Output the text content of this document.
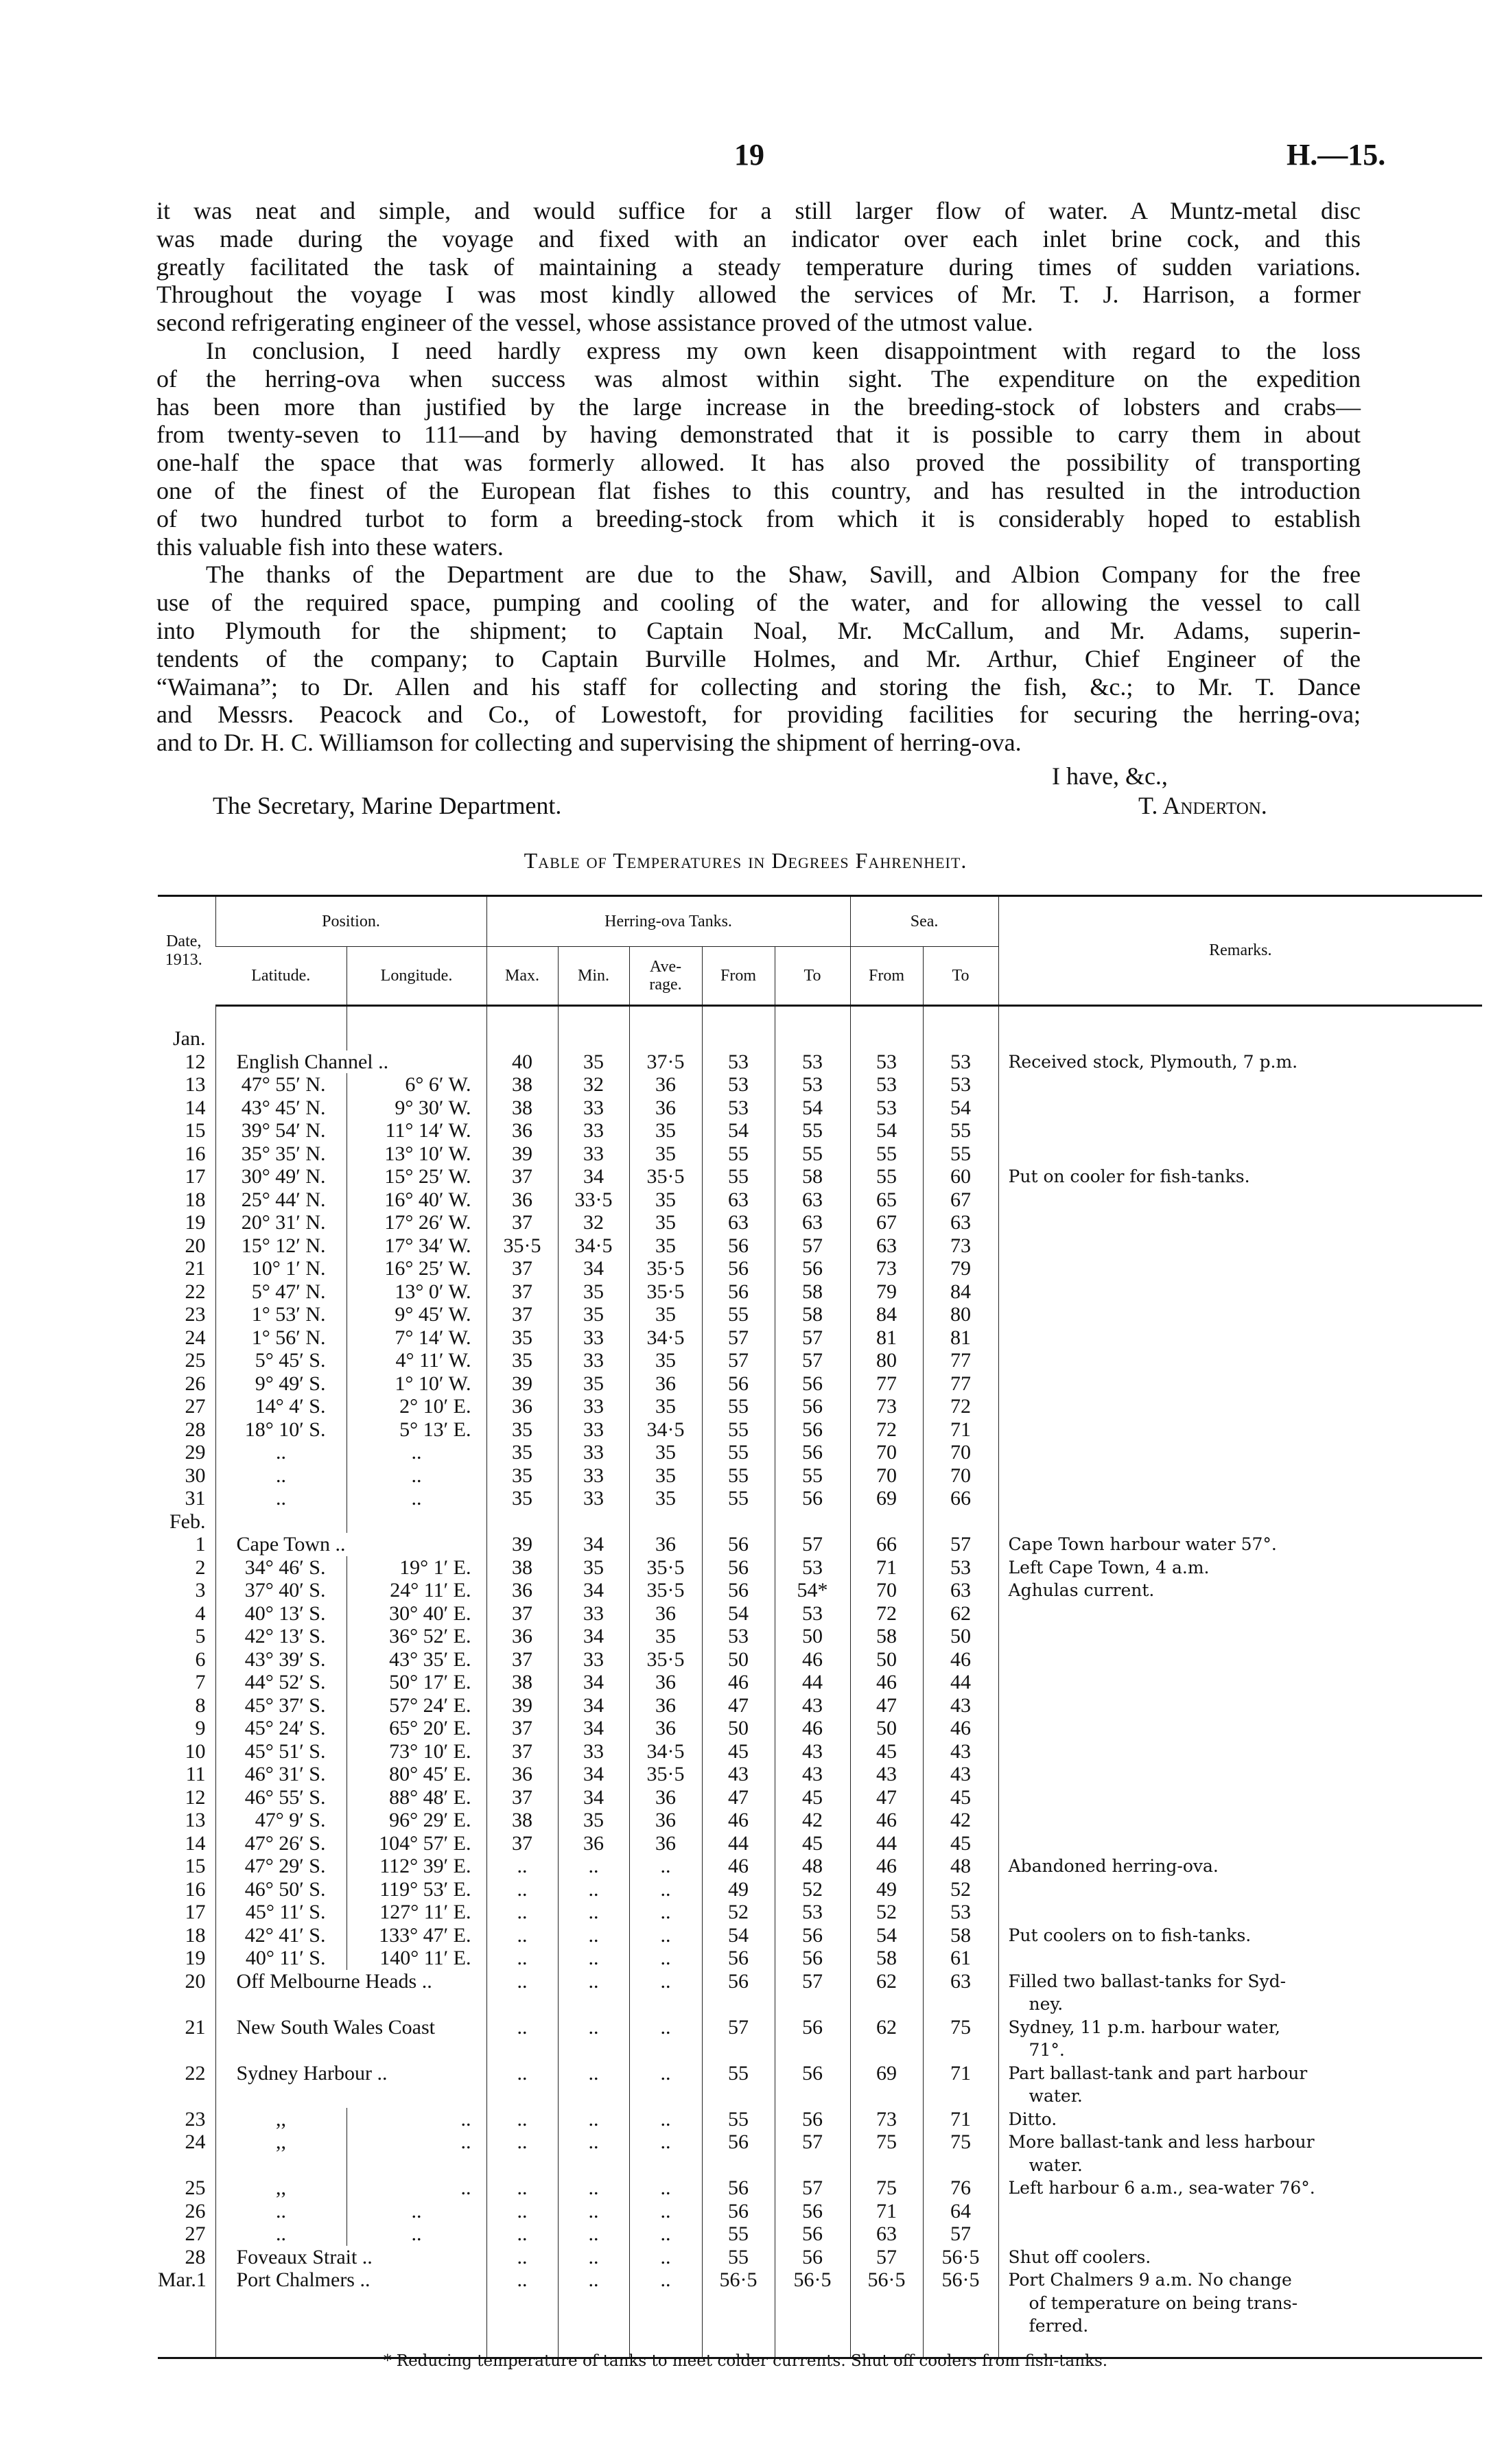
19	H.—15.
it was neat and simple, and would suffice for a still larger flow of water. A Muntz-metal disc
was made during the voyage and fixed with an indicator over each inlet brine cock, and this
greatly facilitated the task of maintaining a steady temperature during times of sudden variations.
Throughout the voyage I was most kindly allowed the services of Mr. T. J. Harrison, a former
second refrigerating engineer of the vessel, whose assistance proved of the utmost value.
In conclusion, I need hardly express my own keen disappointment with regard to the loss
of the herring-ova when success was almost within sight. The expenditure on the expedition
has been more than justified by the large increase in the breeding-stock of lobsters and crabs—
from twenty-seven to 111—and by having demonstrated that it is possible to carry them in about
one-half the space that was formerly allowed. It has also proved the possibility of transporting
one of the finest of the European flat fishes to this country, and has resulted in the introduction
of two hundred turbot to form a breeding-stock from which it is considerably hoped to establish
this valuable fish into these waters.
The thanks of the Department are due to the Shaw, Savill, and Albion Company for the free
use of the required space, pumping and cooling of the water, and for allowing the vessel to call
into Plymouth for the shipment; to Captain Noal, Mr. McCallum, and Mr. Adams, superin-
tendents of the company; to Captain Burville Holmes, and Mr. Arthur, Chief Engineer of the
“Waimana”; to Dr. Allen and his staff for collecting and storing the fish, &c.; to Mr. T. Dance
and Messrs. Peacock and Co., of Lowestoft, for providing facilities for securing the herring-ova;
and to Dr. H. C. Williamson for collecting and supervising the shipment of herring-ova.
I have, &c.,
The Secretary, Marine Department.	T. Anderton.
Table of Temperatures in Degrees Fahrenheit.
Date, 1913.	Position.		Herring-ova Tanks.					Sea.		Remarks.
	Latitude.	Longitude.	Max.	Min.	Ave-rage.	From	To	From	To	

Jan.										
12	English Channel ..		40	35	37·5	53	53	53	53	Received stock, Plymouth, 7 p.m.

13	47° 55′ N.	6° 6′ W.	38	32	36	53	53	53	53	
14	43° 45′ N.	9° 30′ W.	38	33	36	53	54	53	54	
15	39° 54′ N.	11° 14′ W.	36	33	35	54	55	54	55	
16	35° 35′ N.	13° 10′ W.	39	33	35	55	55	55	55	
17	30° 49′ N.	15° 25′ W.	37	34	35·5	55	58	55	60	Put on cooler for fish-tanks.

18	25° 44′ N.	16° 40′ W.	36	33·5	35	63	63	65	67	
19	20° 31′ N.	17° 26′ W.	37	32	35	63	63	67	63	
20	15° 12′ N.	17° 34′ W.	35·5	34·5	35	56	57	63	73	
21	10° 1′ N.	16° 25′ W.	37	34	35·5	56	56	73	79	
22	5° 47′ N.	13° 0′ W.	37	35	35·5	56	58	79	84	
23	1° 53′ N.	9° 45′ W.	37	35	35	55	58	84	80	
24	1° 56′ N.	7° 14′ W.	35	33	34·5	57	57	81	81	
25	5° 45′ S.	4° 11′ W.	35	33	35	57	57	80	77	
26	9° 49′ S.	1° 10′ W.	39	35	36	56	56	77	77	
27	14° 4′ S.	2° 10′ E.	36	33	35	55	56	73	72	
28	18° 10′ S.	5° 13′ E.	35	33	34·5	55	56	72	71	
29	..	..	35	33	35	55	56	70	70	
30	..	..	35	33	35	55	55	70	70	
31	..	..	35	33	35	55	56	69	66	
Feb.										
1	Cape Town ..		39	34	36	56	57	66	57	Cape Town harbour water 57°.

2	34° 46′ S.	19° 1′ E.	38	35	35·5	56	53	71	53	Left Cape Town, 4 a.m.

3	37° 40′ S.	24° 11′ E.	36	34	35·5	56	54*	70	63	Aghulas current.

4	40° 13′ S.	30° 40′ E.	37	33	36	54	53	72	62	
5	42° 13′ S.	36° 52′ E.	36	34	35	53	50	58	50	
6	43° 39′ S.	43° 35′ E.	37	33	35·5	50	46	50	46	
7	44° 52′ S.	50° 17′ E.	38	34	36	46	44	46	44	
8	45° 37′ S.	57° 24′ E.	39	34	36	47	43	47	43	
9	45° 24′ S.	65° 20′ E.	37	34	36	50	46	50	46	
10	45° 51′ S.	73° 10′ E.	37	33	34·5	45	43	45	43	
11	46° 31′ S.	80° 45′ E.	36	34	35·5	43	43	43	43	
12	46° 55′ S.	88° 48′ E.	37	34	36	47	45	47	45	
13	47° 9′ S.	96° 29′ E.	38	35	36	46	42	46	42	
14	47° 26′ S.	104° 57′ E.	37	36	36	44	45	44	45	
15	47° 29′ S.	112° 39′ E.	..	..	..	46	48	46	48	Abandoned herring-ova.

16	46° 50′ S.	119° 53′ E.	..	..	..	49	52	49	52	
17	45° 11′ S.	127° 11′ E.	..	..	..	52	53	52	53	
18	42° 41′ S.	133° 47′ E.	..	..	..	54	56	54	58	Put coolers on to fish-tanks.

19	40° 11′ S.	140° 11′ E.	..	..	..	56	56	58	61	
20	Off Melbourne Heads ..		..	..	..	56	57	62	63	Filled two ballast-tanks for Syd-
ney.

21	New South Wales Coast		..	..	..	57	56	62	75	Sydney, 11 p.m. harbour water,
71°.

22	Sydney Harbour ..		..	..	..	55	56	69	71	Part ballast-tank and part harbour
water.

23	,,	..	..	..	..	55	56	73	71	Ditto.

24	,,	..	..	..	..	56	57	75	75	More ballast-tank and less harbour
water.

25	,,	..	..	..	..	56	57	75	76	Left harbour 6 a.m., sea-water 76°.

26	..	..	..	..	..	56	56	71	64	
27	..	..	..	..	..	55	56	63	57	
28	Foveaux Strait ..		..	..	..	55	56	57	56·5	Shut off coolers.

Mar.1	Port Chalmers ..		..	..	..	56·5	56·5	56·5	56·5	Port Chalmers 9 a.m. No change
of temperature on being trans-
ferred.
* Reducing temperature of tanks to meet colder currents. Shut off coolers from fish-tanks.
